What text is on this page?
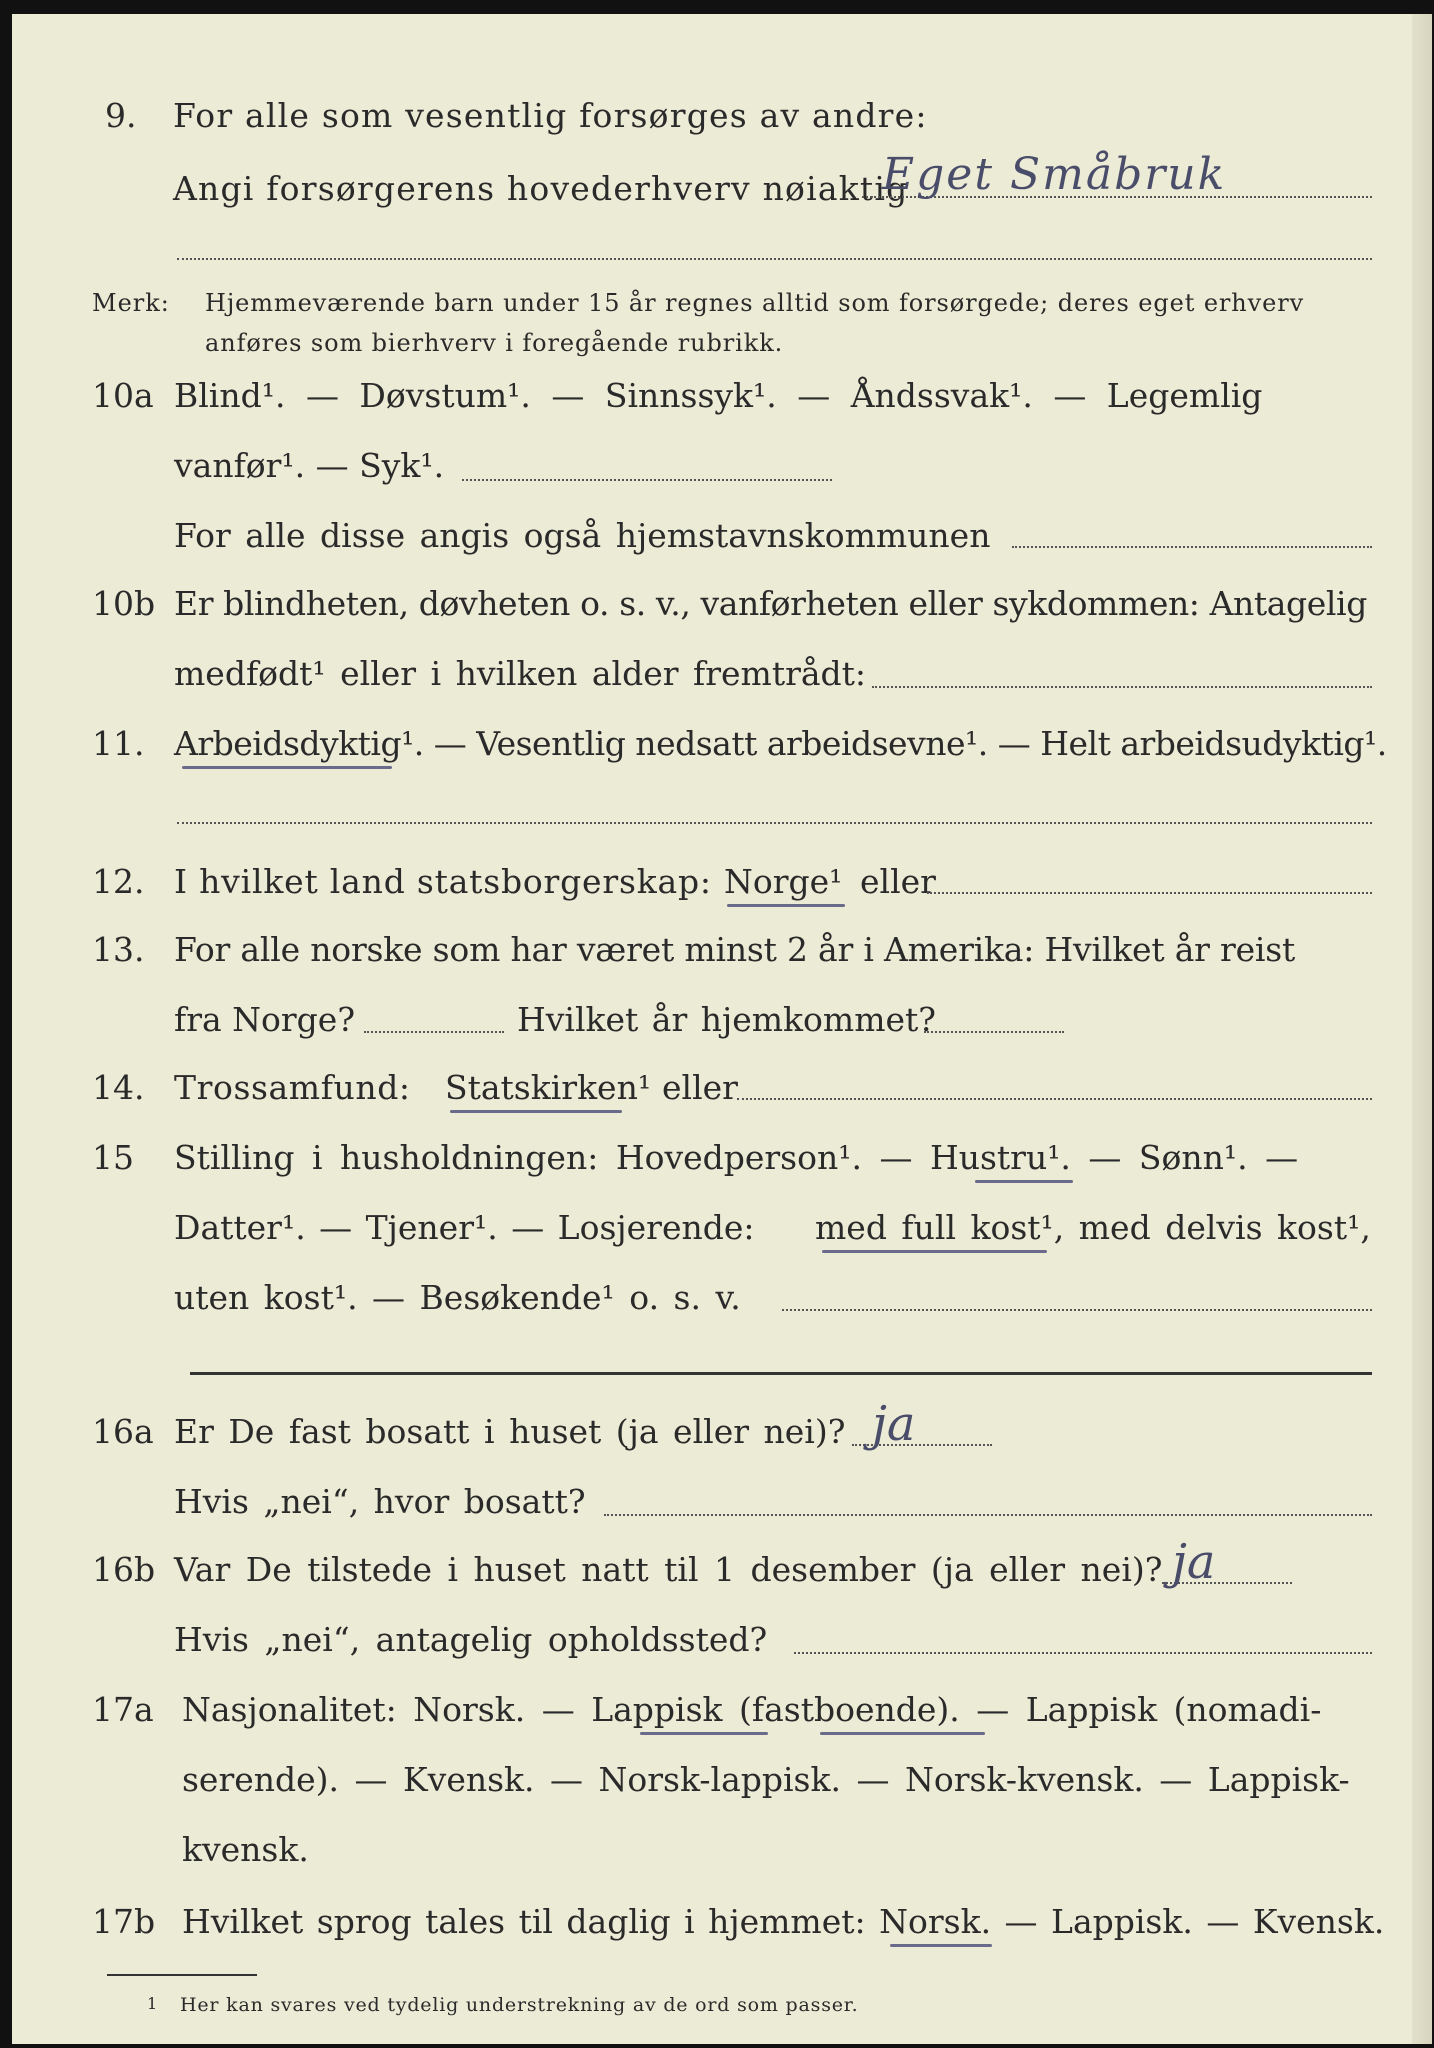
9. For alle som vesentlig forsørges av andre:
Angi forsørgerens hovederhverv nøiaktig
Eget Småbruk
Merk: Hjemmeværende barn under 15 år regnes alltid som forsørgede; deres eget erhverv
anføres som bierhverv i foregående rubrikk.
10a Blind¹. — Døvstum¹. — Sinnssyk¹. — Åndssvak¹. — Legemlig
vanfør¹. — Syk¹.
For alle disse angis også hjemstavnskommunen
10b Er blindheten, døvheten o. s. v., vanførheten eller sykdommen: Antagelig
medfødt¹ eller i hvilken alder fremtrådt:
11. Arbeidsdyktig¹. — Vesentlig nedsatt arbeidsevne¹. — Helt arbeidsudyktig¹.
12. I hvilket land statsborgerskap: Norge¹ eller
13. For alle norske som har været minst 2 år i Amerika: Hvilket år reist
fra Norge?	Hvilket år hjemkommet?
14. Trossamfund: Statskirken¹ eller
15 Stilling i husholdningen: Hovedperson¹. — Hustru¹. — Sønn¹. —
Datter¹. — Tjener¹. — Losjerende: med full kost¹, med delvis kost¹,
uten kost¹. — Besøkende¹ o. s. v.
16a Er De fast bosatt i huset (ja eller nei)? ja
Hvis „nei“, hvor bosatt?
16b Var De tilstede i huset natt til 1 desember (ja eller nei)? ja
Hvis „nei“, antagelig opholdssted?
17a Nasjonalitet: Norsk. — Lappisk (fastboende). — Lappisk (nomadi-
serende). — Kvensk. — Norsk-lappisk. — Norsk-kvensk. — Lappisk-
kvensk.
17b Hvilket sprog tales til daglig i hjemmet: Norsk. — Lappisk. — Kvensk.
1 Her kan svares ved tydelig understrekning av de ord som passer.
